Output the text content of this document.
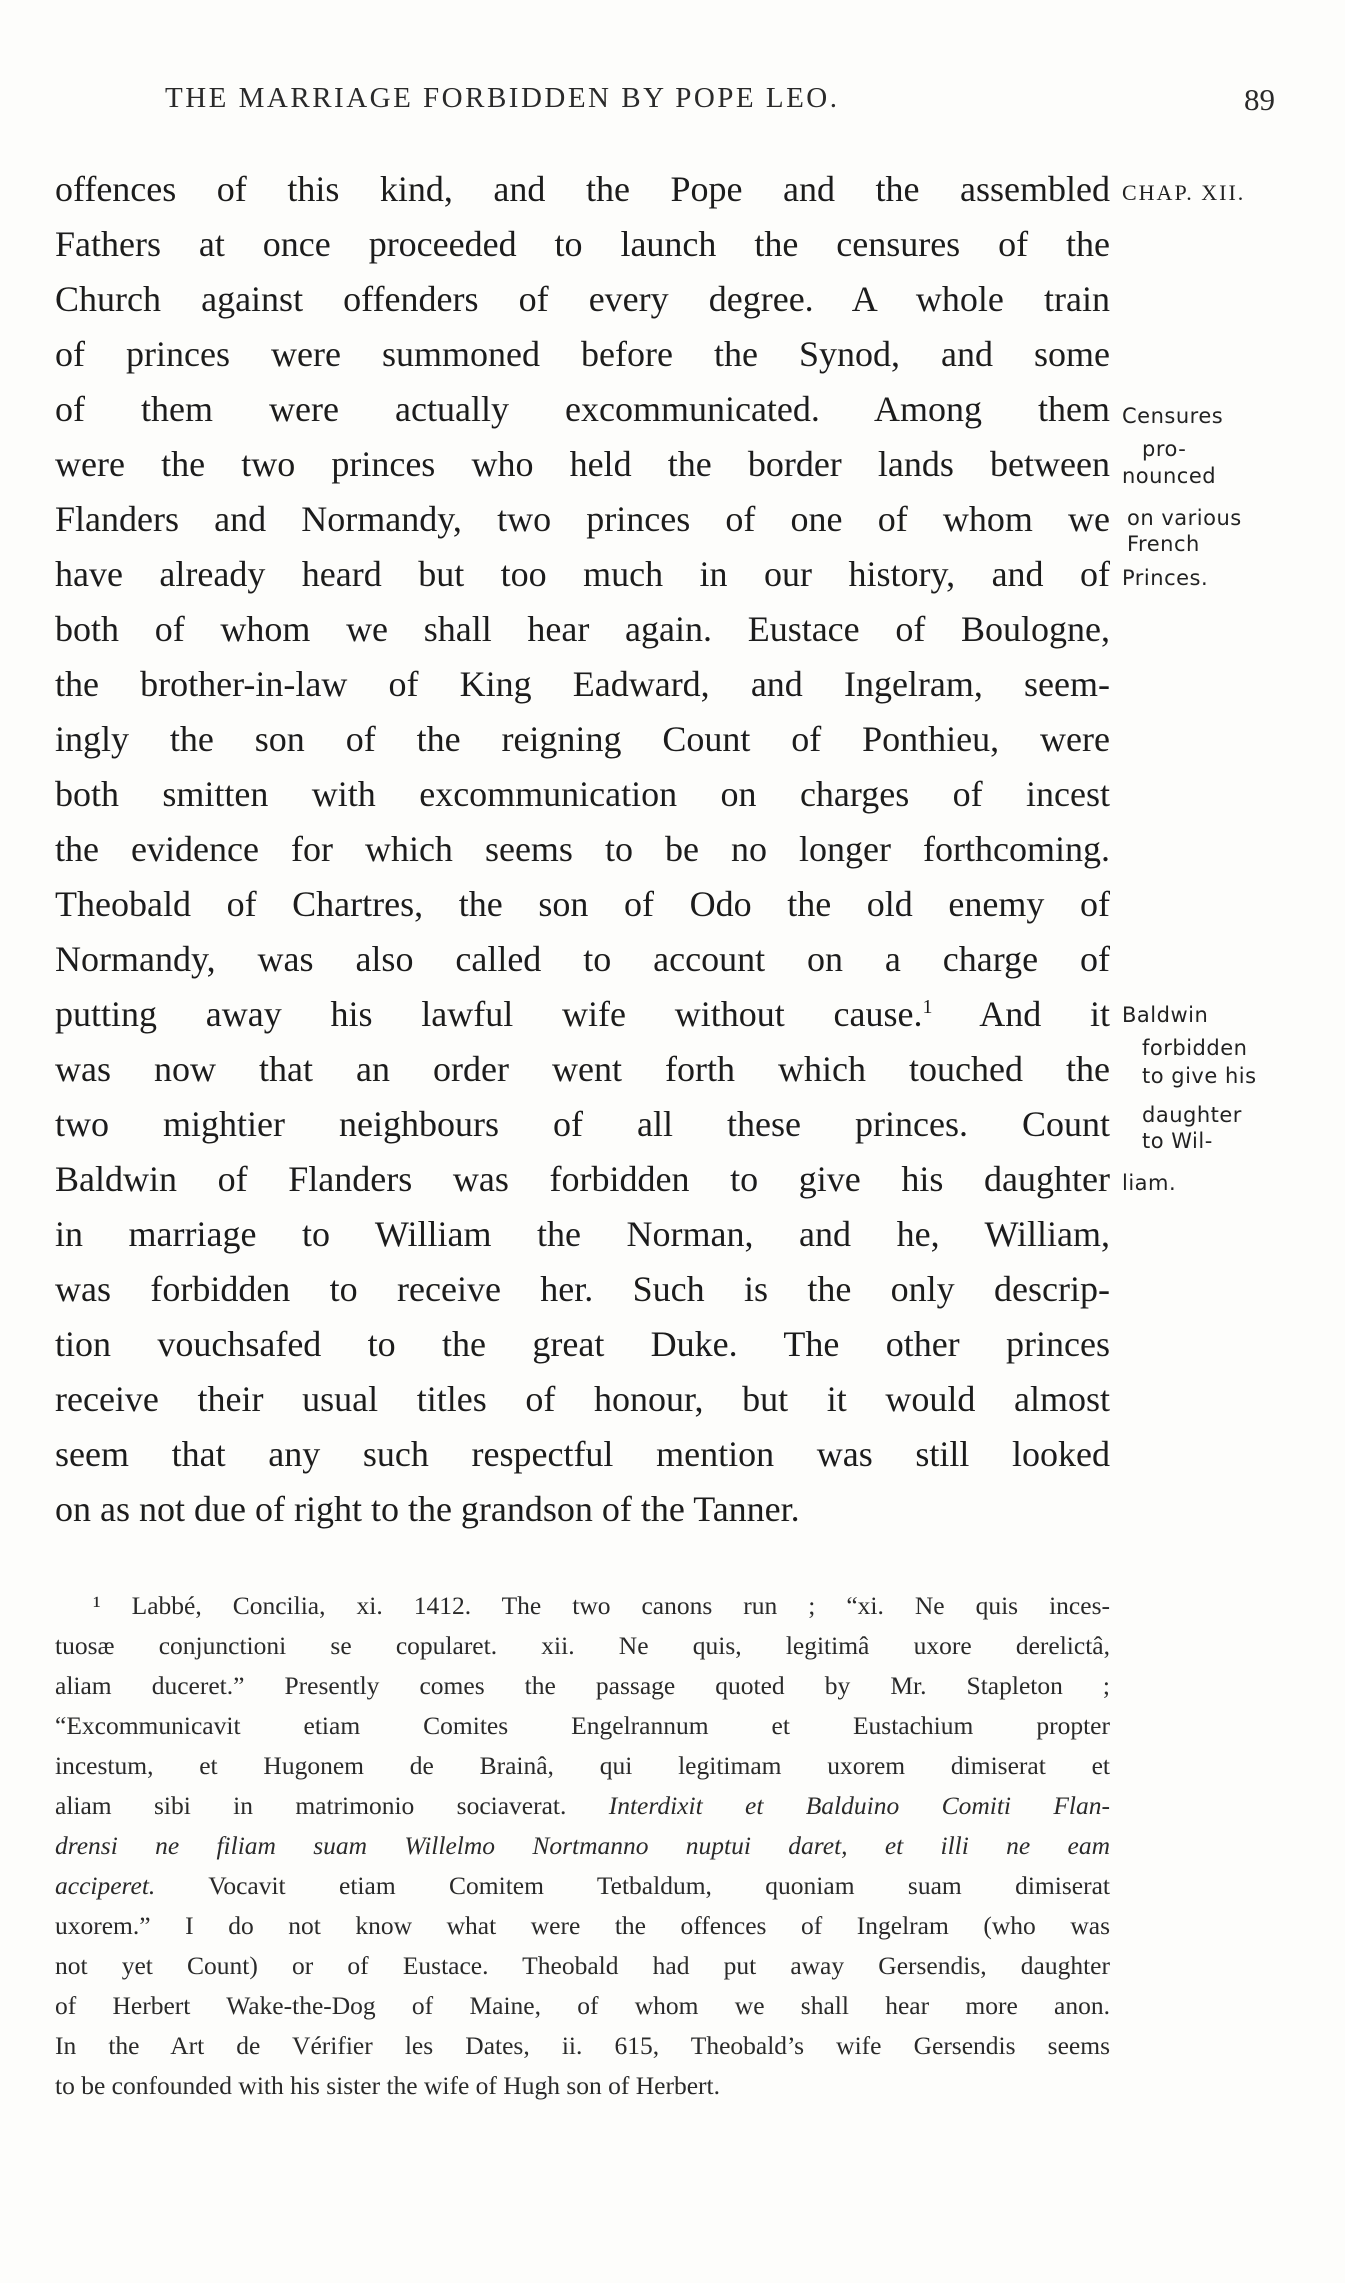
THE MARRIAGE FORBIDDEN BY POPE LEO.	89
offences of this kind, and the Pope and the assembled
Fathers at once proceeded to launch the censures of the
Church against offenders of every degree. A whole train
of princes were summoned before the Synod, and some
of them were actually excommunicated. Among them
were the two princes who held the border lands between
Flanders and Normandy, two princes of one of whom we
have already heard but too much in our history, and of
both of whom we shall hear again. Eustace of Boulogne,
the brother-in-law of King Eadward, and Ingelram, seem-
ingly the son of the reigning Count of Ponthieu, were
both smitten with excommunication on charges of incest
the evidence for which seems to be no longer forthcoming.
Theobald of Chartres, the son of Odo the old enemy of
Normandy, was also called to account on a charge of
putting away his lawful wife without cause.$^1$ And it
was now that an order went forth which touched the
two mightier neighbours of all these princes. Count
Baldwin of Flanders was forbidden to give his daughter
in marriage to William the Norman, and he, William,
was forbidden to receive her. Such is the only descrip-
tion vouchsafed to the great Duke. The other princes
receive their usual titles of honour, but it would almost
seem that any such respectful mention was still looked
on as not due of right to the grandson of the Tanner.
CHAP. XII.
Censures
pro-
nounced
on various
French
Princes.
Baldwin
forbidden
to give his
daughter
to Wil-
liam.
¹ Labbé, Concilia, xi. 1412. The two canons run ; “xi. Ne quis inces-
tuosæ conjunctioni se copularet. xii. Ne quis, legitimâ uxore derelictâ,
aliam duceret.” Presently comes the passage quoted by Mr. Stapleton ;
“Excommunicavit etiam Comites Engelrannum et Eustachium propter
incestum, et Hugonem de Brainâ, qui legitimam uxorem dimiserat et
aliam sibi in matrimonio sociaverat. Interdixit et Balduino Comiti Flan-
drensi ne filiam suam Willelmo Nortmanno nuptui daret, et illi ne eam
acciperet. Vocavit etiam Comitem Tetbaldum, quoniam suam dimiserat
uxorem.” I do not know what were the offences of Ingelram (who was
not yet Count) or of Eustace. Theobald had put away Gersendis, daughter
of Herbert Wake-the-Dog of Maine, of whom we shall hear more anon.
In the Art de Vérifier les Dates, ii. 615, Theobald’s wife Gersendis seems
to be confounded with his sister the wife of Hugh son of Herbert.
